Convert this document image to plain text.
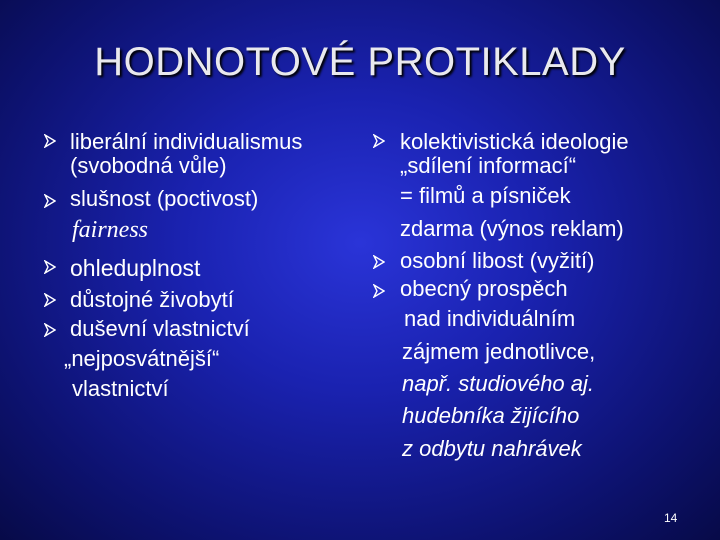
HODNOTOVÉ PROTIKLADY
liberální individualismus
(svobodná vůle)
slušnost (poctivost)
fairness
ohleduplnost
důstojné živobytí
duševní vlastnictví
„nejposvátnější“
vlastnictví
kolektivistická ideologie
„sdílení informací“
= filmů a písniček
zdarma (výnos reklam)
osobní libost (vyžití)
obecný prospěch
nad individuálním
zájmem jednotlivce,
např. studiového aj.
hudebníka žijícího
z odbytu nahrávek
14
